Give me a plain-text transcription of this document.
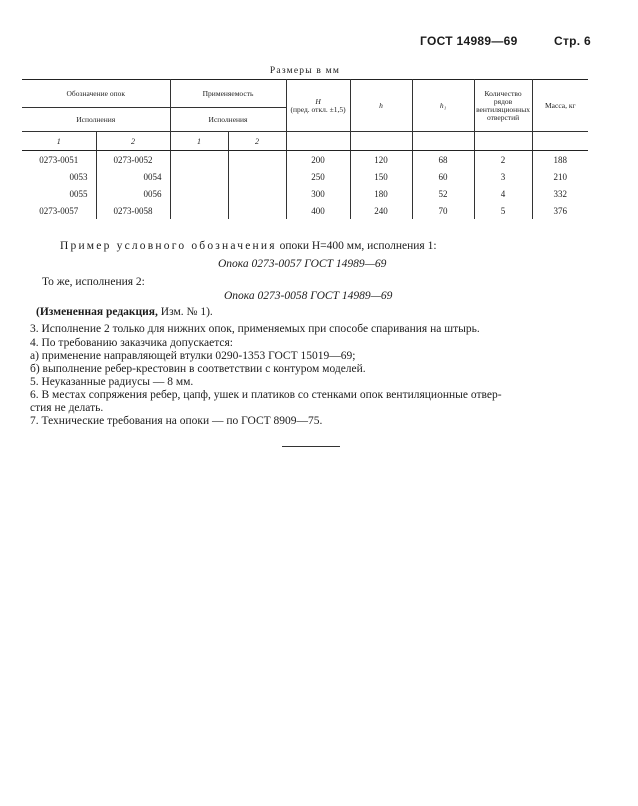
ГОСТ 14989—69	Стр. 6
Размеры в мм
Обозначение опок		Применяемость		H
(пред. откл. ±1,5)	h	h₁	Количество рядов вентиляционных отверстий	Масса, кг
Исполнения		Исполнения						
1	2	1	2					
0273-0051	0273-0052			200	120	68	2	188
0053	0054			250	150	60	3	210
0055	0056			300	180	52	4	332
0273-0057	0273-0058			400	240	70	5	376
Пример условного обозначения опоки H=400 мм, исполнения 1:
Опока 0273-0057 ГОСТ 14989—69
То же, исполнения 2:
Опока 0273-0058 ГОСТ 14989—69
(Измененная редакция, Изм. № 1).
3. Исполнение 2 только для нижних опок, применяемых при способе спаривания на штырь.
4. По требованию заказчика допускается:
а) применение направляющей втулки 0290-1353 ГОСТ 15019—69;
б) выполнение ребер-крестовин в соответствии с контуром моделей.
5. Неуказанные радиусы — 8 мм.
6. В местах сопряжения ребер, цапф, ушек и платиков со стенками опок вентиляционные отвер-
стия не делать.
7. Технические требования на опоки — по ГОСТ 8909—75.
